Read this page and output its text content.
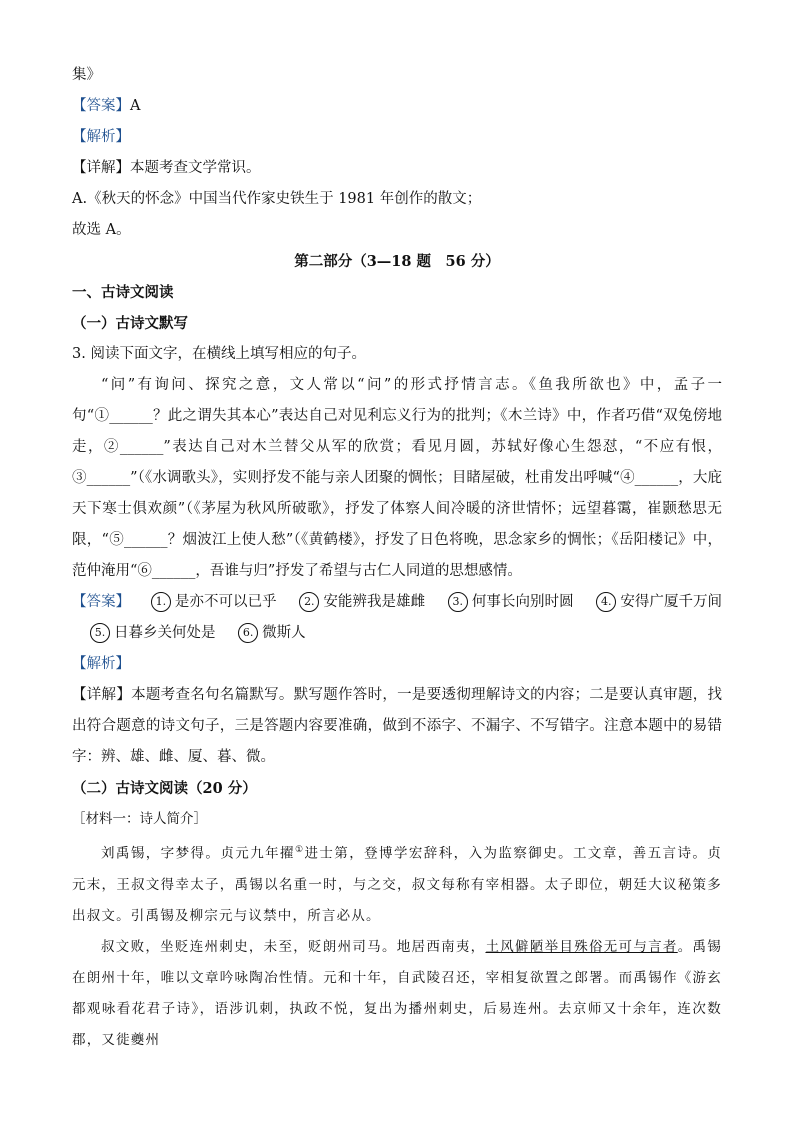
集》
【答案】A
【解析】
【详解】本题考查文学常识。
A.《秋天的怀念》中国当代作家史铁生于 1981 年创作的散文；
故选 A。
第二部分（3—18 题　56 分）
一、古诗文阅读
（一）古诗文默写
3. 阅读下面文字，在横线上填写相应的句子。
“问”有询问、探究之意，文人常以“问”的形式抒情言志。《鱼我所欲也》中，孟子一句“①______？此之谓失其本心”表达自己对见利忘义行为的批判；《木兰诗》中，作者巧借“双兔傍地走，②______”表达自己对木兰替父从军的欣赏；看见月圆，苏轼好像心生怨怼，“不应有恨，③______”（《水调歌头》，实则抒发不能与亲人团聚的惆怅；目睹屋破，杜甫发出呼喊“④______，大庇天下寒士俱欢颜”（《茅屋为秋风所破歌》，抒发了体察人间冷暖的济世情怀；远望暮霭，崔颢愁思无限，“⑤______？烟波江上使人愁”（《黄鹤楼》，抒发了日色将晚，思念家乡的惆怅；《岳阳楼记》中，范仲淹用“⑥______，吾谁与归”抒发了希望与古仁人同道的思想感情。
【答案】 1. 是亦不可以已乎 2. 安能辨我是雄雌 3. 何事长向别时圆 4. 安得广厦千万间 5. 日暮乡关何处是 6. 微斯人
【解析】
【详解】本题考查名句名篇默写。默写题作答时，一是要透彻理解诗文的内容；二是要认真审题，找出符合题意的诗文句子，三是答题内容要准确，做到不添字、不漏字、不写错字。注意本题中的易错字：辨、雄、雌、厦、暮、微。
（二）古诗文阅读（20 分）
［材料一：诗人简介］
刘禹锡，字梦得。贞元九年擢①进士第，登博学宏辞科，入为监察御史。工文章，善五言诗。贞元末，王叔文得幸太子，禹锡以名重一时，与之交，叔文每称有宰相器。太子即位，朝廷大议秘策多出叔文。引禹锡及柳宗元与议禁中，所言必从。
叔文败，坐贬连州刺史，未至，贬朗州司马。地居西南夷，土风僻陋举目殊俗无可与言者。禹锡在朗州十年，唯以文章吟咏陶冶性情。元和十年，自武陵召还，宰相复欲置之郎署。而禹锡作《游玄都观咏看花君子诗》，语涉讥刺，执政不悦，复出为播州刺史，后易连州。去京师又十余年，连次数郡，又徙夔州
